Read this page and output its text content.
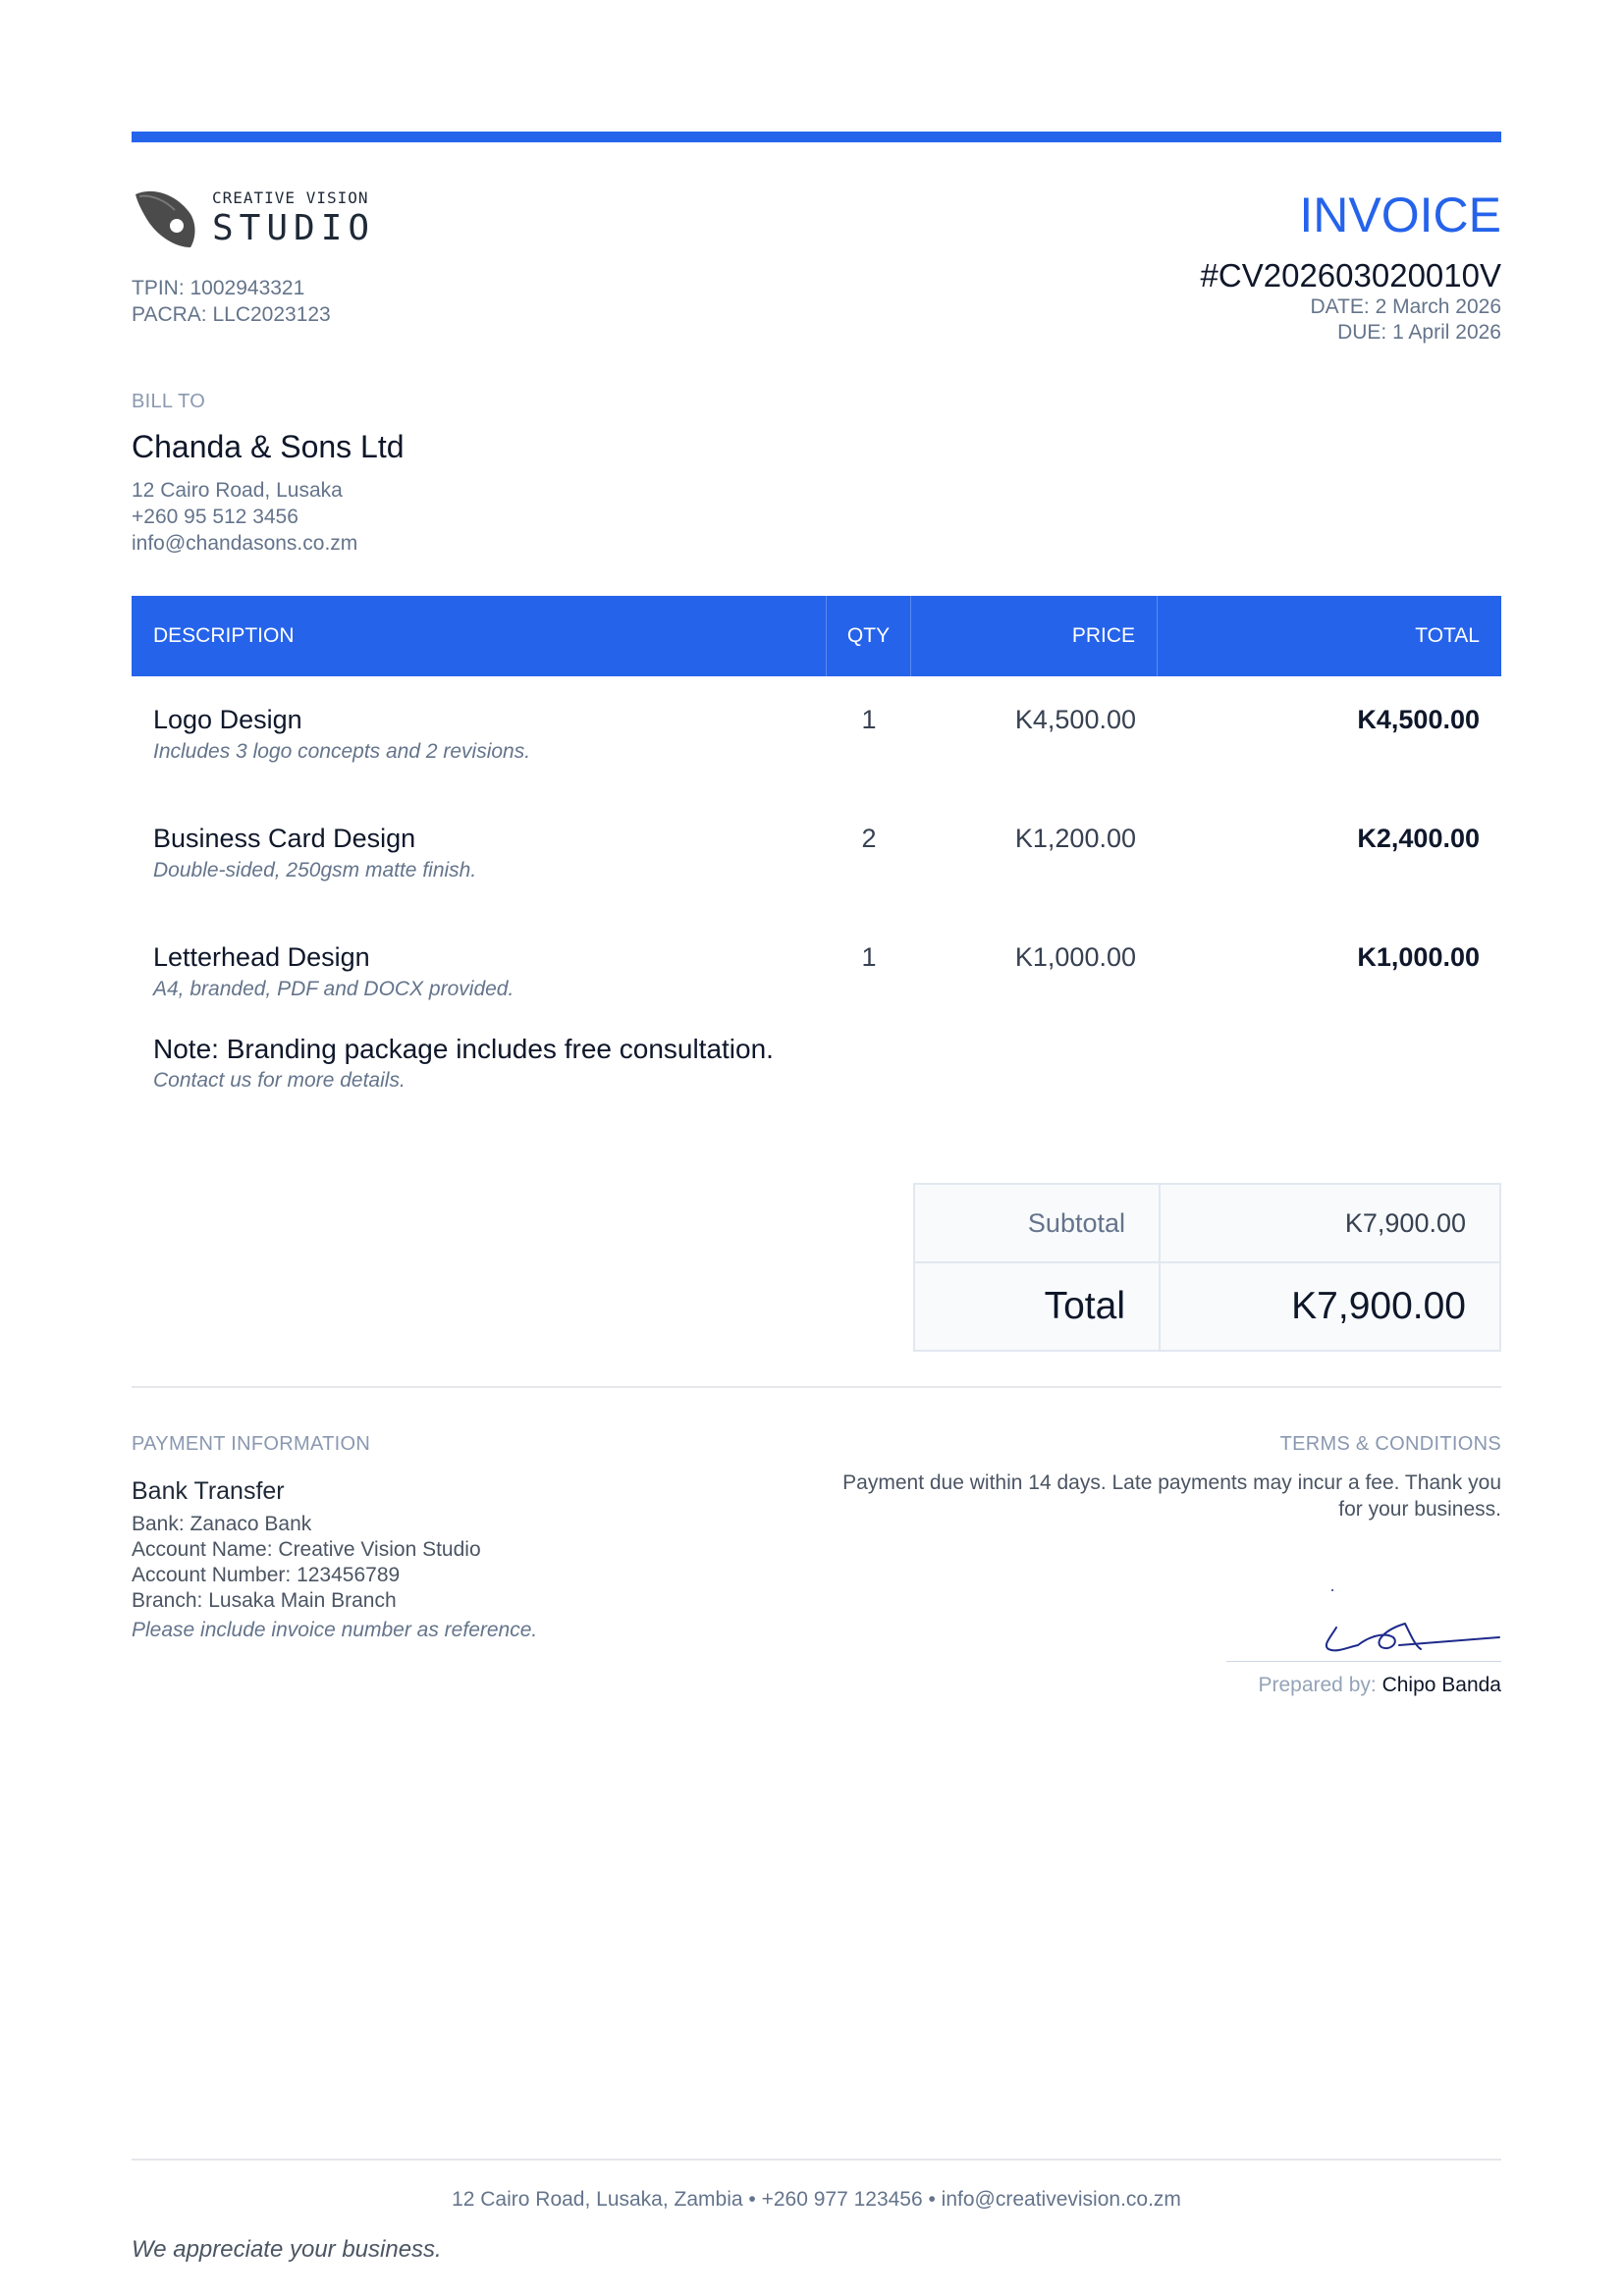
CREATIVE VISION
STUDIO
TPIN: 1002943321
PACRA: LLC2023123
INVOICE
#CV202603020010V
DATE: 2 March 2026
DUE: 1 April 2026
BILL TO
Chanda & Sons Ltd
12 Cairo Road, Lusaka
+260 95 512 3456
info@chandasons.co.zm
DESCRIPTION	QTY	PRICE	TOTAL
Logo Design
Includes 3 logo concepts and 2 revisions.
1	K4,500.00	K4,500.00
Business Card Design
Double-sided, 250gsm matte finish.
2	K1,200.00	K2,400.00
Letterhead Design
A4, branded, PDF and DOCX provided.
1	K1,000.00	K1,000.00
Note: Branding package includes free consultation.
Contact us for more details.
Subtotal	K7,900.00
Total	K7,900.00
PAYMENT INFORMATION
Bank Transfer
Bank: Zanaco Bank
Account Name: Creative Vision Studio
Account Number: 123456789
Branch: Lusaka Main Branch
Please include invoice number as reference.
TERMS & CONDITIONS
Payment due within 14 days. Late payments may incur a fee. Thank you for your business.
Prepared by: Chipo Banda
12 Cairo Road, Lusaka, Zambia • +260 977 123456 • info@creativevision.co.zm
We appreciate your business.
